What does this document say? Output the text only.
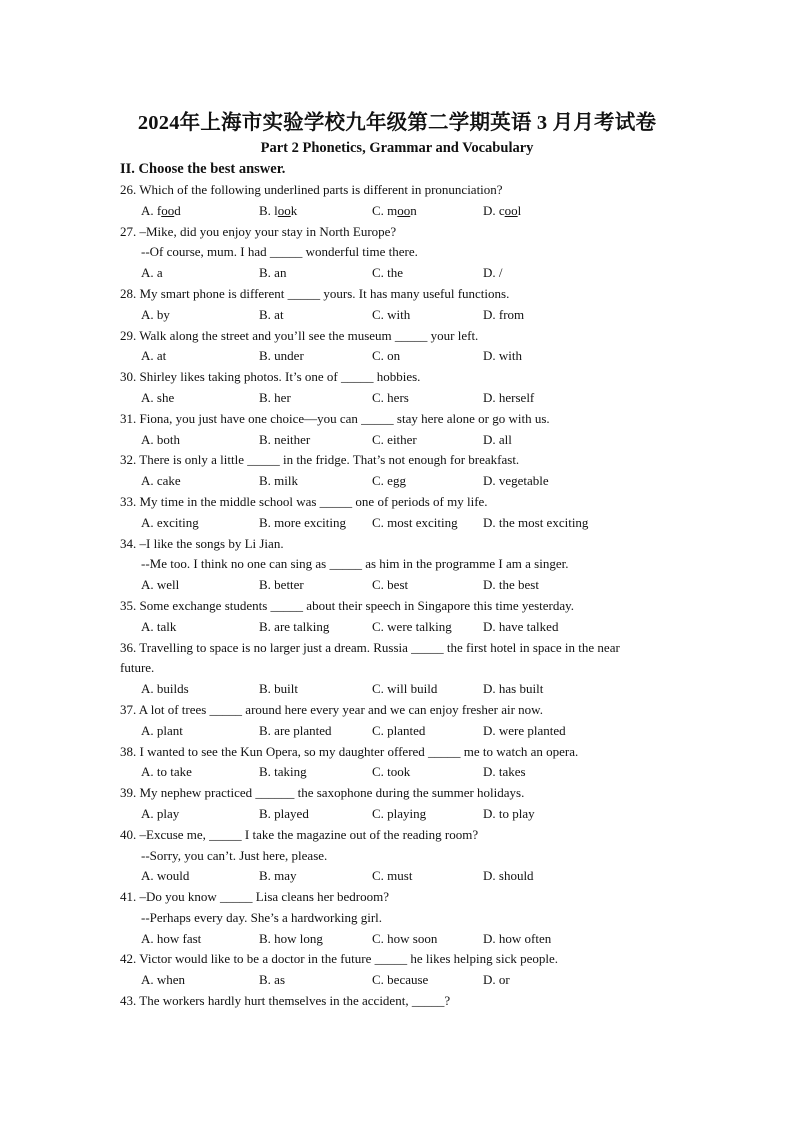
2024年上海市实验学校九年级第二学期英语 3 月月考试卷
Part 2 Phonetics, Grammar and Vocabulary
II. Choose the best answer.
26. Which of the following underlined parts is different in pronunciation?
A. food	B. look	C. moon	D. cool
27. –Mike, did you enjoy your stay in North Europe?
--Of course, mum. I had _____ wonderful time there.
A. a	B. an	C. the	D. /
28. My smart phone is different _____ yours. It has many useful functions.
A. by	B. at	C. with	D. from
29. Walk along the street and you’ll see the museum _____ your left.
A. at	B. under	C. on	D. with
30. Shirley likes taking photos. It’s one of _____ hobbies.
A. she	B. her	C. hers	D. herself
31. Fiona, you just have one choice—you can _____ stay here alone or go with us.
A. both	B. neither	C. either	D. all
32. There is only a little _____ in the fridge. That’s not enough for breakfast.
A. cake	B. milk	C. egg	D. vegetable
33. My time in the middle school was _____ one of periods of my life.
A. exciting	B. more exciting C. most exciting D. the most exciting
34. –I like the songs by Li Jian.
--Me too. I think no one can sing as _____ as him in the programme I am a singer.
A. well	B. better	C. best	D. the best
35. Some exchange students _____ about their speech in Singapore this time yesterday.
A. talk	B. are talking	C. were talking D. have talked
36. Travelling to space is no larger just a dream. Russia _____ the first hotel in space in the near
future.
A. builds	B. built	C. will build	D. has built
37. A lot of trees _____ around here every year and we can enjoy fresher air now.
A. plant	B. are planted	C. planted	D. were planted
38. I wanted to see the Kun Opera, so my daughter offered _____ me to watch an opera.
A. to take	B. taking	C. took	D. takes
39. My nephew practiced ______ the saxophone during the summer holidays.
A. play	B. played	C. playing	D. to play
40. –Excuse me, _____ I take the magazine out of the reading room?
--Sorry, you can’t. Just here, please.
A. would	B. may	C. must	D. should
41. –Do you know _____ Lisa cleans her bedroom?
--Perhaps every day. She’s a hardworking girl.
A. how fast	B. how long	C. how soon	D. how often
42. Victor would like to be a doctor in the future _____ he likes helping sick people.
A. when	B. as	C. because	D. or
43. The workers hardly hurt themselves in the accident, _____?
